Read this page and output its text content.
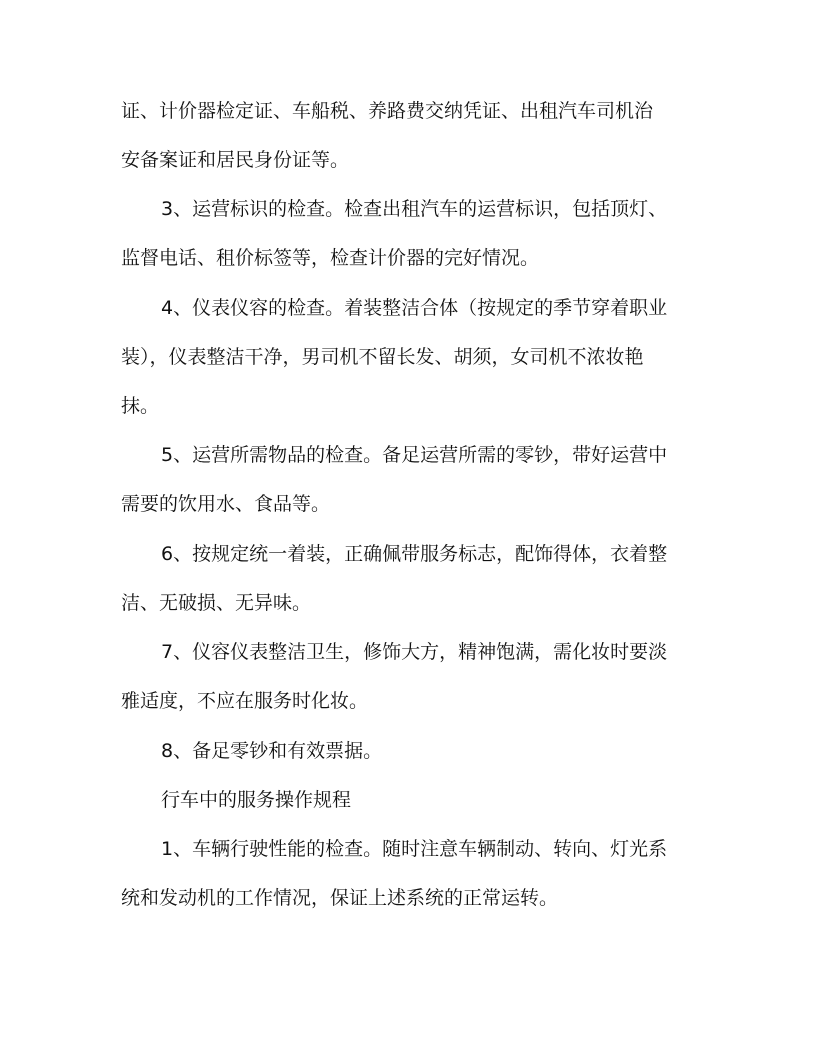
证、计价器检定证、车船税、养路费交纳凭证、出租汽车司机治
安备案证和居民身份证等。
3、运营标识的检查。检查出租汽车的运营标识，包括顶灯、
监督电话、租价标签等，检查计价器的完好情况。
4、仪表仪容的检查。着装整洁合体（按规定的季节穿着职业
装），仪表整洁干净，男司机不留长发、胡须，女司机不浓妆艳
抹。
5、运营所需物品的检查。备足运营所需的零钞，带好运营中
需要的饮用水、食品等。
6、按规定统一着装，正确佩带服务标志，配饰得体，衣着整
洁、无破损、无异味。
7、仪容仪表整洁卫生，修饰大方，精神饱满，需化妆时要淡
雅适度，不应在服务时化妆。
8、备足零钞和有效票据。
行车中的服务操作规程
1、车辆行驶性能的检查。随时注意车辆制动、转向、灯光系
统和发动机的工作情况，保证上述系统的正常运转。
